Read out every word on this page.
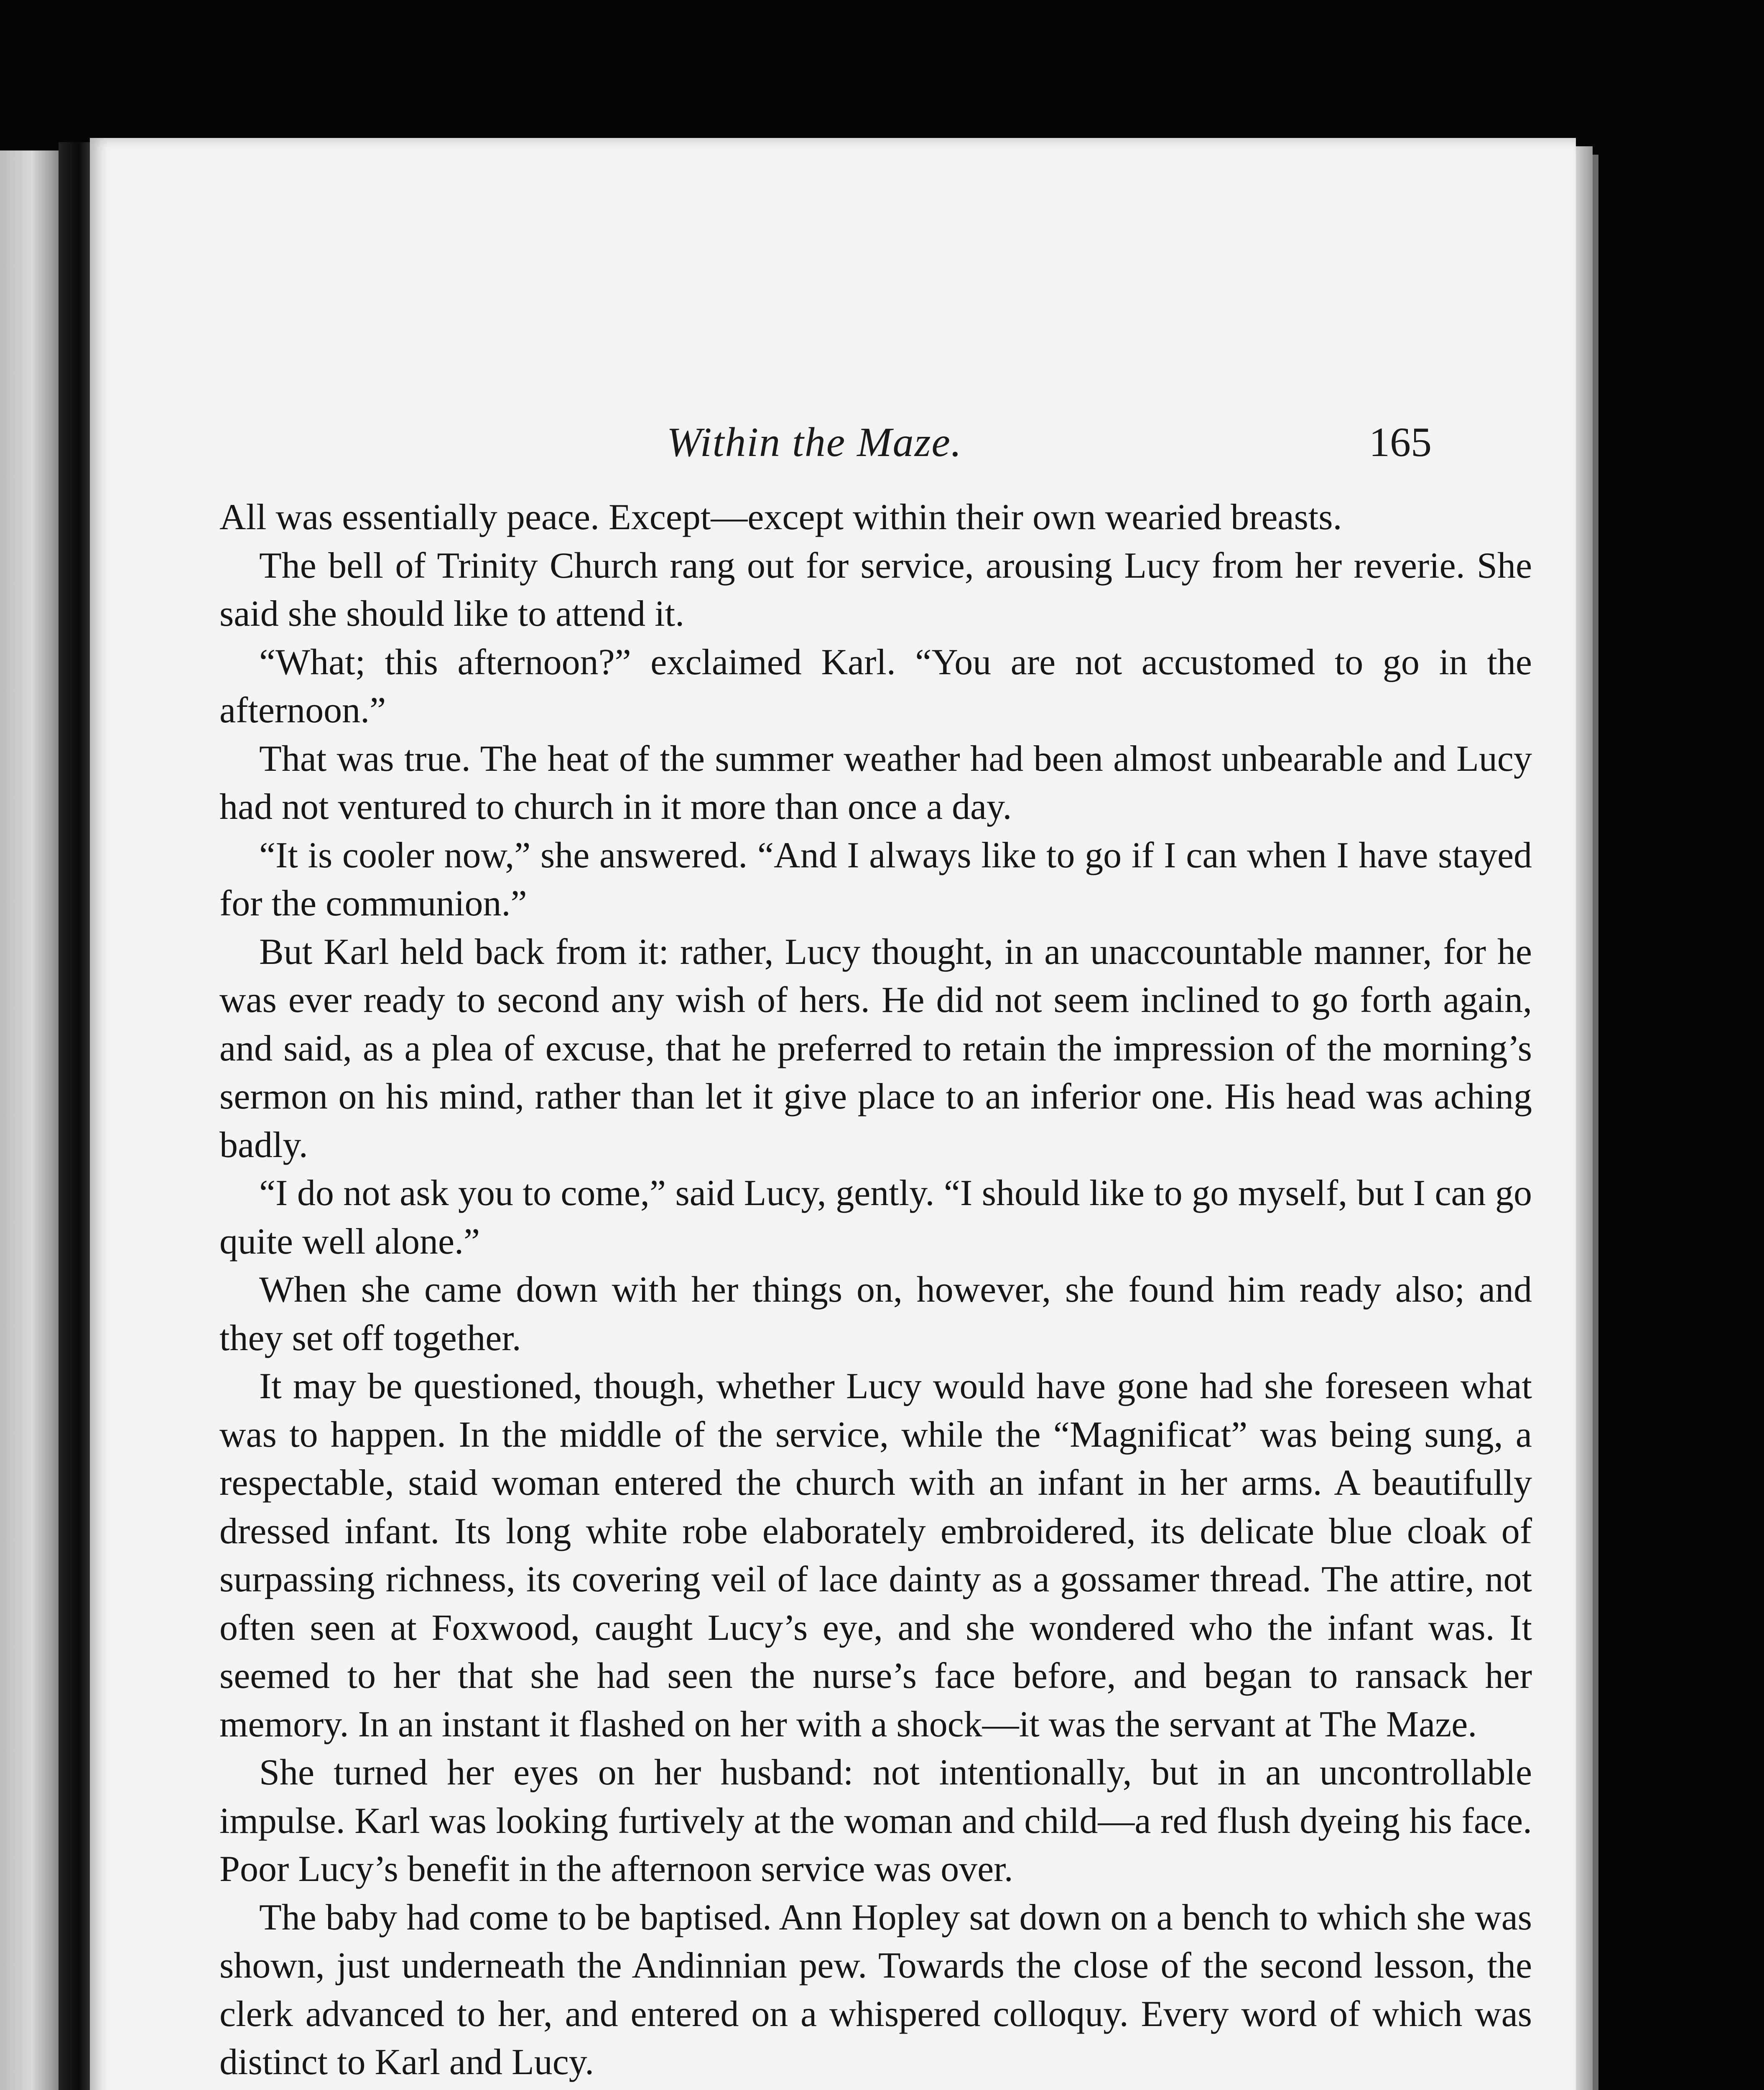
Within the Maze.	165

All was essentially peace. Except—except within their own wearied breasts.

The bell of Trinity Church rang out for service, arousing Lucy from her reverie. She said she should like to attend it.

“What; this afternoon?” exclaimed Karl. “You are not accustomed to go in the afternoon.”

That was true. The heat of the summer weather had been almost unbearable and Lucy had not ventured to church in it more than once a day.

“It is cooler now,” she answered. “And I always like to go if I can when I have stayed for the communion.”

But Karl held back from it: rather, Lucy thought, in an unaccountable manner, for he was ever ready to second any wish of hers. He did not seem inclined to go forth again, and said, as a plea of excuse, that he preferred to retain the impression of the morning’s sermon on his mind, rather than let it give place to an inferior one. His head was aching badly.

“I do not ask you to come,” said Lucy, gently. “I should like to go myself, but I can go quite well alone.”

When she came down with her things on, however, she found him ready also; and they set off together.

It may be questioned, though, whether Lucy would have gone had she foreseen what was to happen. In the middle of the service, while the “Magnificat” was being sung, a respectable, staid woman entered the church with an infant in her arms. A beautifully dressed infant. Its long white robe elaborately embroidered, its delicate blue cloak of surpassing richness, its covering veil of lace dainty as a gossamer thread. The attire, not often seen at Foxwood, caught Lucy’s eye, and she wondered who the infant was. It seemed to her that she had seen the nurse’s face before, and began to ransack her memory. In an instant it flashed on her with a shock—it was the servant at The Maze.

She turned her eyes on her husband: not intentionally, but in an uncontrollable impulse. Karl was looking furtively at the woman and child—a red flush dyeing his face. Poor Lucy’s benefit in the afternoon service was over.

The baby had come to be baptised. Ann Hopley sat down on a bench to which she was shown, just underneath the Andinnian pew. Towards the close of the second lesson, the clerk advanced to her, and entered on a whispered colloquy. Every word of which was distinct to Karl and Lucy.
